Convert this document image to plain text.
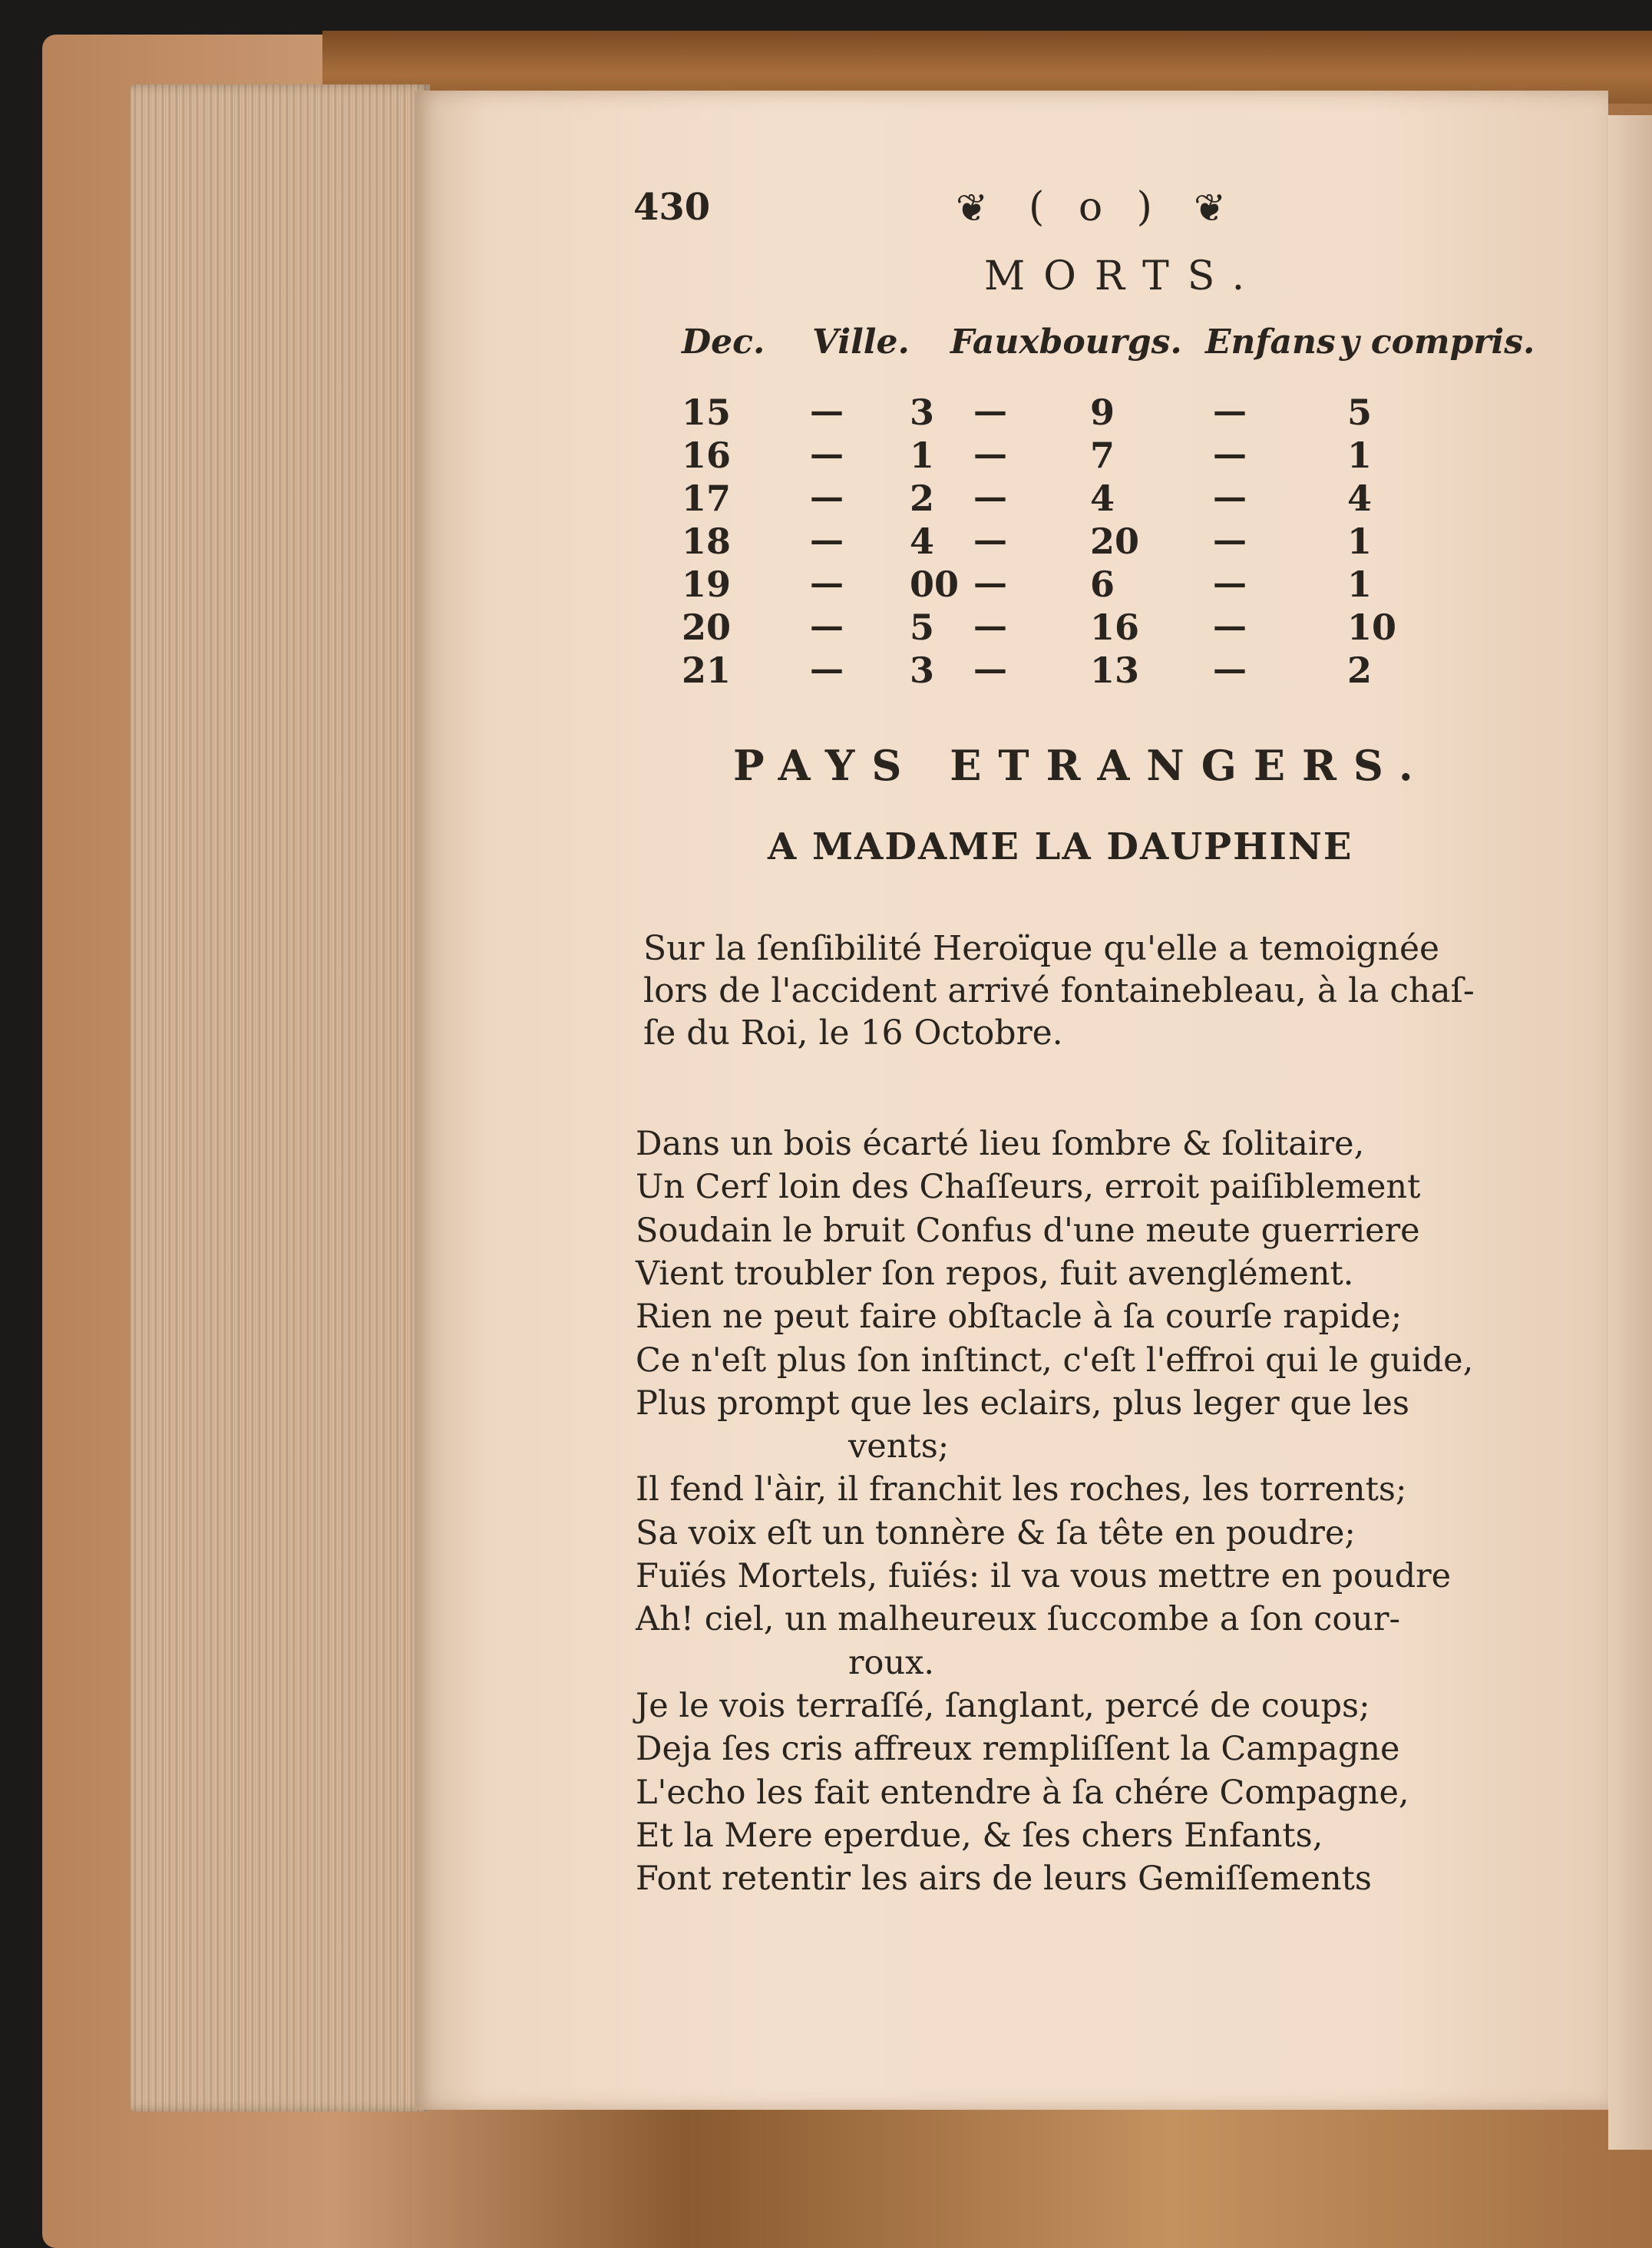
430	❦ ( o ) ❦
MORTS.
Dec. Ville. Fauxbourgs. Enfans y compris.
15 — 3 — 9	—	5
16 — 1 — 7	—	1
17 — 2 — 4	—	4
18 — 4 — 20 —	1
19 — 00 — 6	—	1
20 — 5 — 16 —	10
21 — 3 — 13 —	2
PAYS ETRANGERS.
A MADAME LA DAUPHINE
Sur la ſenſibilité Heroïque qu'elle a temoignée
lors de l'accident arrivé fontainebleau, à la chaſ-
ſe du Roi, le 16 Octobre.
Dans un bois écarté lieu ſombre & ſolitaire,
Un Cerf loin des Chaſſeurs, erroit paiſiblement
Soudain le bruit Confus d'une meute guerriere
Vient troubler ſon repos, fuit avenglément.
Rien ne peut faire obſtacle à ſa courſe rapide;
Ce n'eſt plus ſon inſtinct, c'eſt l'effroi qui le guide,
Plus prompt que les eclairs, plus leger que les
vents;
Il fend l'àir, il franchit les roches, les torrents;
Sa voix eſt un tonnère & ſa tête en poudre;
Fuïés Mortels, fuïés: il va vous mettre en poudre
Ah! ciel, un malheureux ſuccombe a ſon cour-
roux.
Je le vois terraſſé, ſanglant, percé de coups;
Deja ſes cris affreux rempliſſent la Campagne
L'echo les fait entendre à ſa chére Compagne,
Et la Mere eperdue, & ſes chers Enfants,
Font retentir les airs de leurs Gemiſſements
